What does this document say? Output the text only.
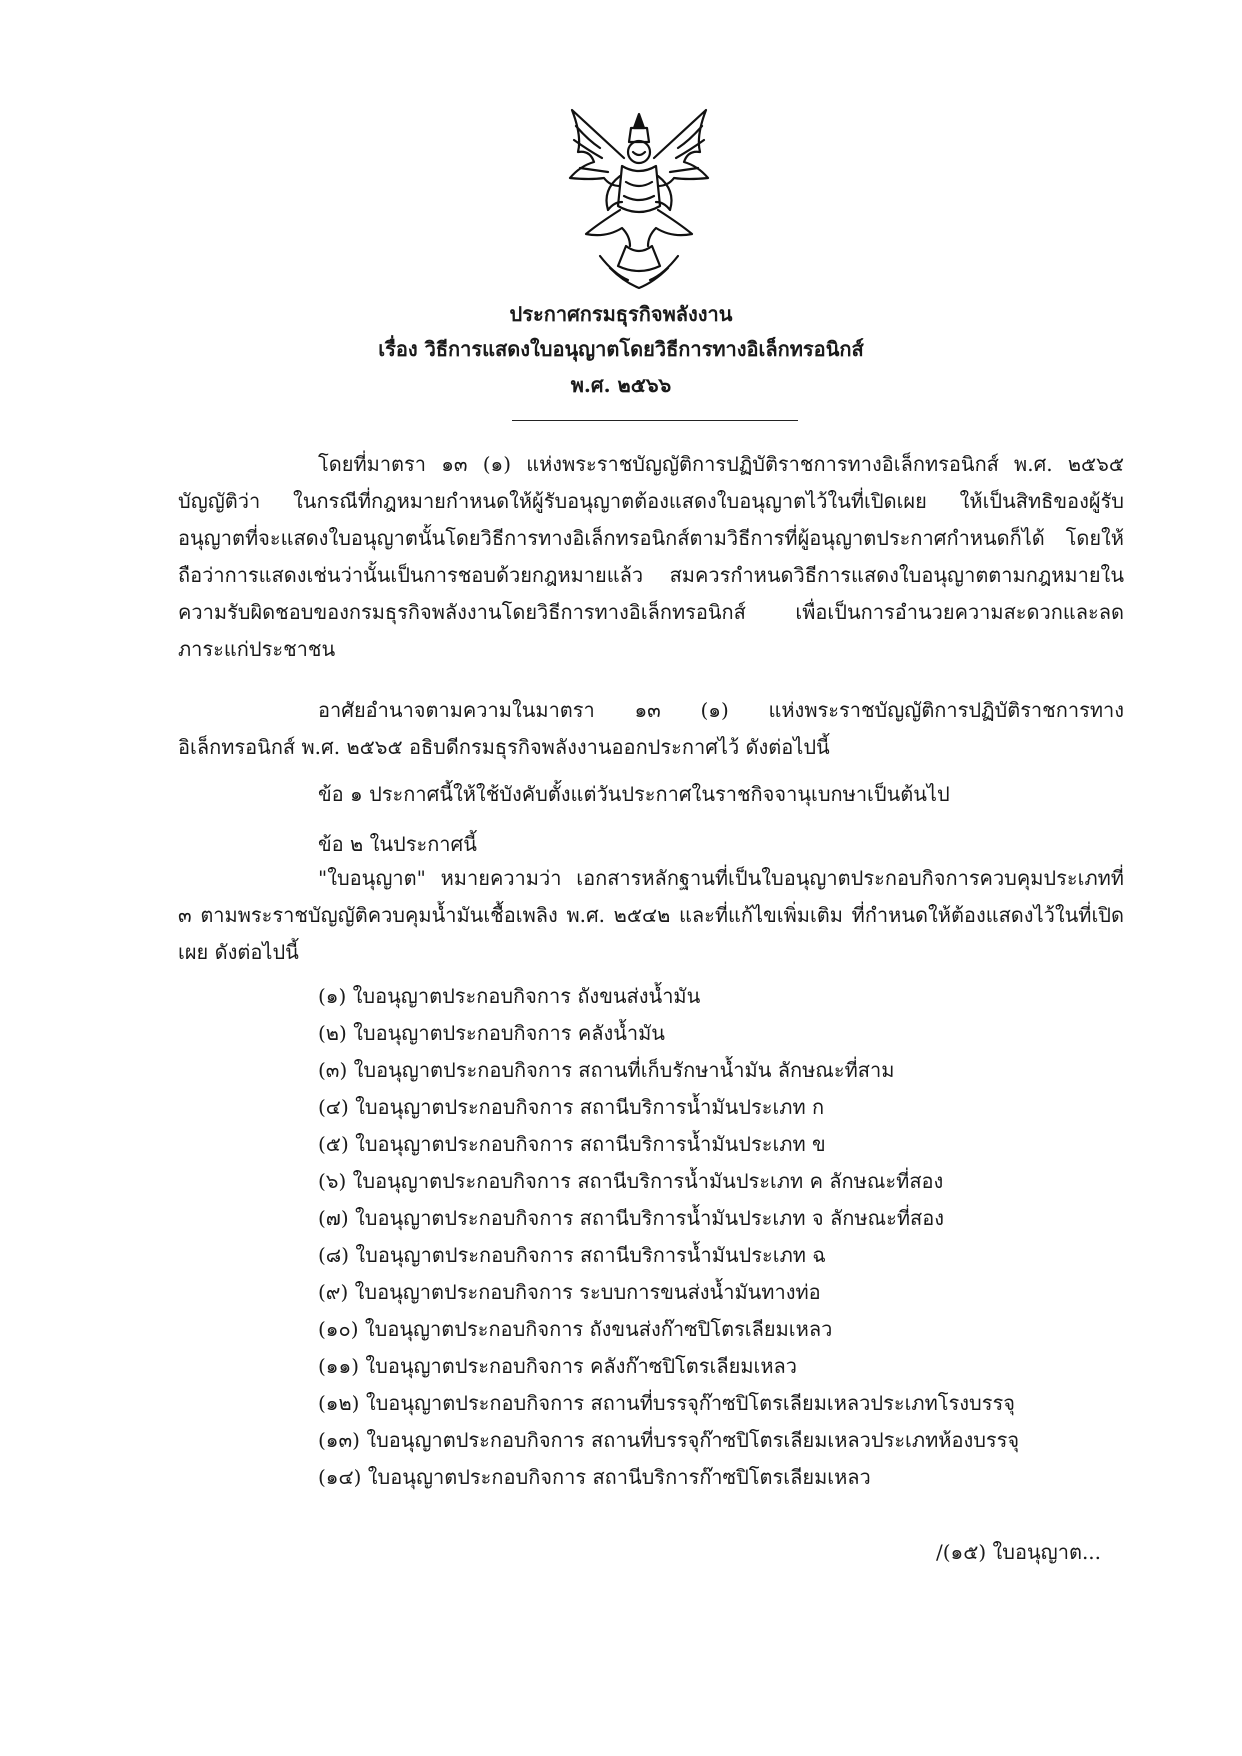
ประกาศกรมธุรกิจพลังงาน
เรื่อง วิธีการแสดงใบอนุญาตโดยวิธีการทางอิเล็กทรอนิกส์
พ.ศ. ๒๕๖๖
โดยที่มาตรา ๑๓ (๑) แห่งพระราชบัญญัติการปฏิบัติราชการทางอิเล็กทรอนิกส์ พ.ศ. ๒๕๖๕ บัญญัติว่า ในกรณีที่กฎหมายกำหนดให้ผู้รับอนุญาตต้องแสดงใบอนุญาตไว้ในที่เปิดเผย ให้เป็นสิทธิของผู้รับอนุญาตที่จะแสดงใบอนุญาตนั้นโดยวิธีการทางอิเล็กทรอนิกส์ตามวิธีการที่ผู้อนุญาตประกาศกำหนดก็ได้ โดยให้ถือว่าการแสดงเช่นว่านั้นเป็นการชอบด้วยกฎหมายแล้ว สมควรกำหนดวิธีการแสดงใบอนุญาตตามกฎหมายในความรับผิดชอบของกรมธุรกิจพลังงานโดยวิธีการทางอิเล็กทรอนิกส์ เพื่อเป็นการอำนวยความสะดวกและลดภาระแก่ประชาชน
อาศัยอำนาจตามความในมาตรา ๑๓ (๑) แห่งพระราชบัญญัติการปฏิบัติราชการทางอิเล็กทรอนิกส์ พ.ศ. ๒๕๖๕ อธิบดีกรมธุรกิจพลังงานออกประกาศไว้ ดังต่อไปนี้
ข้อ ๑ ประกาศนี้ให้ใช้บังคับตั้งแต่วันประกาศในราชกิจจานุเบกษาเป็นต้นไป
ข้อ ๒ ในประกาศนี้
"ใบอนุญาต" หมายความว่า เอกสารหลักฐานที่เป็นใบอนุญาตประกอบกิจการควบคุมประเภทที่ ๓ ตามพระราชบัญญัติควบคุมน้ำมันเชื้อเพลิง พ.ศ. ๒๕๔๒ และที่แก้ไขเพิ่มเติม ที่กำหนดให้ต้องแสดงไว้ในที่เปิดเผย ดังต่อไปนี้
(๑) ใบอนุญาตประกอบกิจการ ถังขนส่งน้ำมัน
(๒) ใบอนุญาตประกอบกิจการ คลังน้ำมัน
(๓) ใบอนุญาตประกอบกิจการ สถานที่เก็บรักษาน้ำมัน ลักษณะที่สาม
(๔) ใบอนุญาตประกอบกิจการ สถานีบริการน้ำมันประเภท ก
(๕) ใบอนุญาตประกอบกิจการ สถานีบริการน้ำมันประเภท ข
(๖) ใบอนุญาตประกอบกิจการ สถานีบริการน้ำมันประเภท ค ลักษณะที่สอง
(๗) ใบอนุญาตประกอบกิจการ สถานีบริการน้ำมันประเภท จ ลักษณะที่สอง
(๘) ใบอนุญาตประกอบกิจการ สถานีบริการน้ำมันประเภท ฉ
(๙) ใบอนุญาตประกอบกิจการ ระบบการขนส่งน้ำมันทางท่อ
(๑๐) ใบอนุญาตประกอบกิจการ ถังขนส่งก๊าซปิโตรเลียมเหลว
(๑๑) ใบอนุญาตประกอบกิจการ คลังก๊าซปิโตรเลียมเหลว
(๑๒) ใบอนุญาตประกอบกิจการ สถานที่บรรจุก๊าซปิโตรเลียมเหลวประเภทโรงบรรจุ
(๑๓) ใบอนุญาตประกอบกิจการ สถานที่บรรจุก๊าซปิโตรเลียมเหลวประเภทห้องบรรจุ
(๑๔) ใบอนุญาตประกอบกิจการ สถานีบริการก๊าซปิโตรเลียมเหลว
/(๑๕) ใบอนุญาต...
